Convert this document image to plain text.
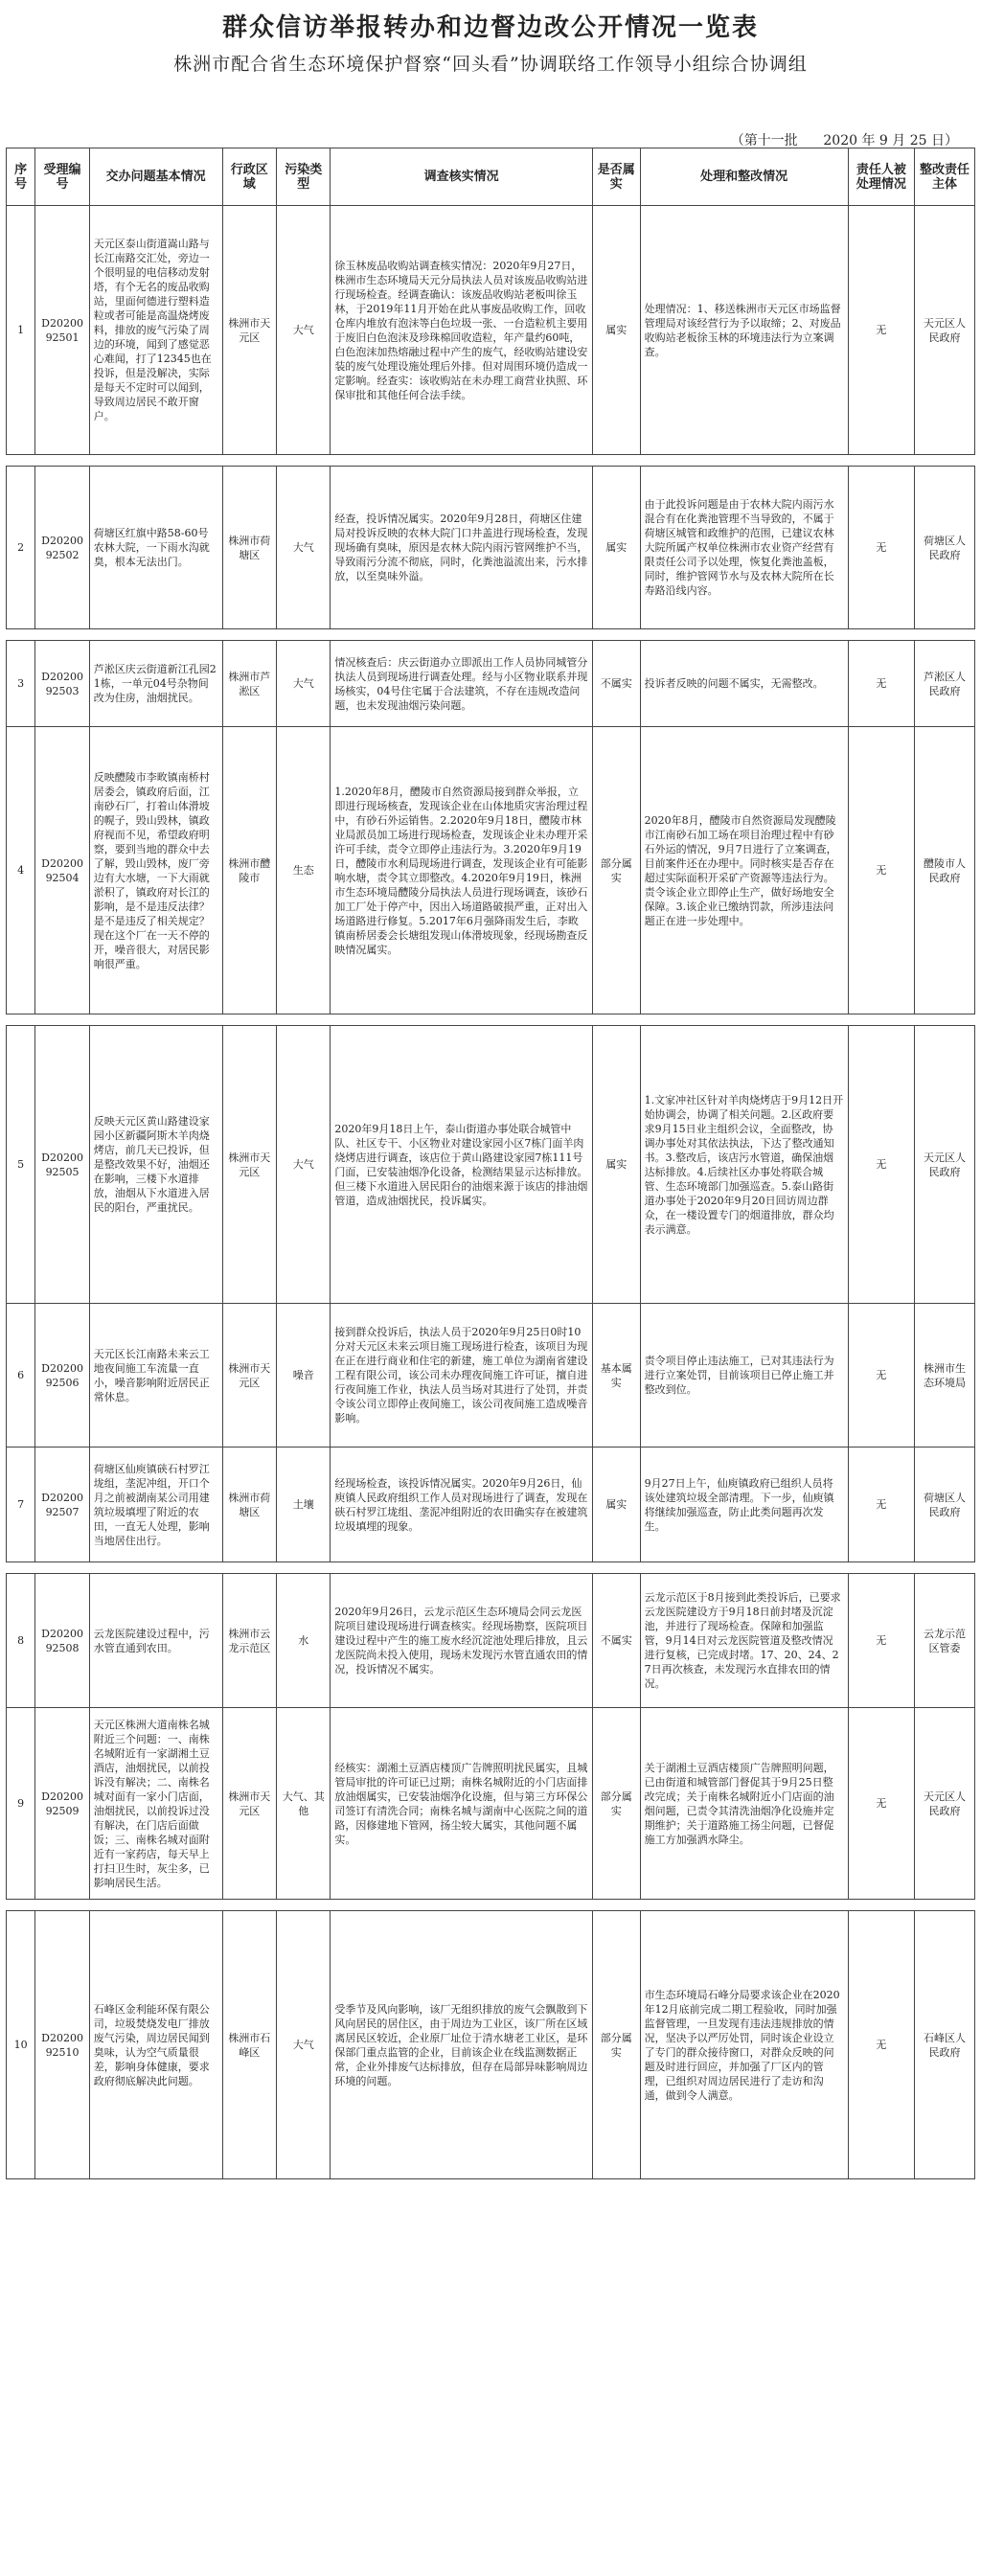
群众信访举报转办和边督边改公开情况一览表
株洲市配合省生态环境保护督察“回头看”协调联络工作领导小组综合协调组
（第十一批 2020 年 9 月 25 日）
序号	受理编号	交办问题基本情况	行政区域	污染类型	调查核实情况	是否属实	处理和整改情况	责任人被处理情况	整改责任主体
1	D2020092501	天元区泰山街道嵩山路与长江南路交汇处，旁边一个很明显的电信移动发射塔，有个无名的废品收购站，里面何德进行塑料造粒或者可能是高温烧烤废料，排放的废气污染了周边的环境，闻到了感觉恶心难闻，打了12345也在投诉，但是没解决，实际是每天不定时可以闻到，导致周边居民不敢开窗户。	株洲市天元区	大气	徐玉林废品收购站调查核实情况：2020年9月27日，株洲市生态环境局天元分局执法人员对该废品收购站进行现场检查。经调查确认：该废品收购站老板叫徐玉林，于2019年11月开始在此从事废品收购工作，回收仓库内堆放有泡沫等白色垃圾一张、一台造粒机主要用于废旧白色泡沫及珍珠棉回收造粒，年产量约60吨，白色泡沫加热熔融过程中产生的废气，经收购站建设安装的废气处理设施处理后外排。但对周围环境仍造成一定影响。经查实：该收购站在未办理工商营业执照、环保审批和其他任何合法手续。	属实	处理情况：1、移送株洲市天元区市场监督管理局对该经营行为予以取缔；2、对废品收购站老板徐玉林的环境违法行为立案调查。	无	天元区人民政府

2	D2020092502	荷塘区红旗中路58-60号农林大院，一下雨水沟就臭，根本无法出门。	株洲市荷塘区	大气	经查，投诉情况属实。2020年9月28日，荷塘区住建局对投诉反映的农林大院门口井盖进行现场检查，发现现场确有臭味，原因是农林大院内雨污管网维护不当，导致雨污分流不彻底，同时，化粪池溢流出来，污水排放，以至臭味外溢。	属实	由于此投诉问题是由于农林大院内雨污水混合有在化粪池管理不当导致的，不属于荷塘区城管和政维护的范围，已建议农林大院所属产权单位株洲市农业资产经营有限责任公司予以处理，恢复化粪池盖板，同时，维护管网节水与及农林大院所在长寿路沿线内容。	无	荷塘区人民政府

3	D2020092503	芦淞区庆云街道新江孔园21栋，一单元04号杂物间改为住房，油烟扰民。	株洲市芦淞区	大气	情况核查后：庆云街道办立即派出工作人员协同城管分执法人员到现场进行调查处理。经与小区物业联系并现场核实，04号住宅属于合法建筑，不存在违规改造问题，也未发现油烟污染问题。	不属实	投诉者反映的问题不属实，无需整改。	无	芦淞区人民政府
4	D2020092504	反映醴陵市李畋镇南桥村居委会，镇政府后面，江南砂石厂，打着山体滑坡的幌子，毁山毁林，镇政府视而不见，希望政府明察，要到当地的群众中去了解，毁山毁林，废厂旁边有大水塘，一下大雨就淤积了，镇政府对长江的影响，是不是违反法律？是不是违反了相关规定？现在这个厂在一天不停的开，噪音很大，对居民影响很严重。	株洲市醴陵市	生态	1.2020年8月，醴陵市自然资源局接到群众举报，立即进行现场核查，发现该企业在山体地质灾害治理过程中，有砂石外运销售。2.2020年9月18日，醴陵市林业局派员加工场进行现场检查，发现该企业未办理开采许可手续，责令立即停止违法行为。3.2020年9月19日，醴陵市水利局现场进行调查，发现该企业有可能影响水塘，责令其立即整改。4.2020年9月19日，株洲市生态环境局醴陵分局执法人员进行现场调查，该砂石加工厂处于停产中，因出入场道路破损严重，正对出入场道路进行修复。5.2017年6月强降雨发生后，李畋镇南桥居委会长塘组发现山体滑坡现象，经现场勘查反映情况属实。	部分属实	2020年8月，醴陵市自然资源局发现醴陵市江南砂石加工场在项目治理过程中有砂石外运的情况，9月7日进行了立案调查，目前案件还在办理中。同时核实是否存在超过实际面积开采矿产资源等违法行为。责令该企业立即停止生产，做好场地安全保障。3.该企业已缴纳罚款，所涉违法问题正在进一步处理中。	无	醴陵市人民政府

5	D2020092505	反映天元区黄山路建设家园小区新疆阿斯木羊肉烧烤店，前几天已投诉，但是整改效果不好，油烟还在影响，三楼下水道排放，油烟从下水道进入居民的阳台，严重扰民。	株洲市天元区	大气	2020年9月18日上午，泰山街道办事处联合城管中队、社区专干、小区物业对建设家园小区7栋门面羊肉烧烤店进行调查，该店位于黄山路建设家园7栋111号门面，已安装油烟净化设备，检测结果显示达标排放。但三楼下水道进入居民阳台的油烟来源于该店的排油烟管道，造成油烟扰民，投诉属实。	属实	1.文家冲社区针对羊肉烧烤店于9月12日开始协调会，协调了相关问题。2.区政府要求9月15日业主组织会议，全面整改，协调办事处对其依法执法，下达了整改通知书。3.整改后，该店污水管道，确保油烟达标排放。4.后续社区办事处将联合城管、生态环境部门加强巡查。5.泰山路街道办事处于2020年9月20日回访周边群众，在一楼设置专门的烟道排放，群众均表示满意。	无	天元区人民政府
6	D2020092506	天元区长江南路未来云工地夜间施工车流量一直小，噪音影响附近居民正常休息。	株洲市天元区	噪音	接到群众投诉后，执法人员于2020年9月25日0时10分对天元区未来云项目施工现场进行检查，该项目为现在正在进行商业和住宅的新建，施工单位为湖南省建设工程有限公司，该公司未办理夜间施工许可证，擅自进行夜间施工作业，执法人员当场对其进行了处罚，并责令该公司立即停止夜间施工，该公司夜间施工造成噪音影响。	基本属实	责令项目停止违法施工，已对其违法行为进行立案处罚，目前该项目已停止施工并整改到位。	无	株洲市生态环境局
7	D2020092507	荷塘区仙庾镇硖石村罗江垅组，垄泥冲组，开口个月之前被湖南某公司用建筑垃圾填埋了附近的农田，一直无人处理，影响当地居住出行。	株洲市荷塘区	土壤	经现场检查，该投诉情况属实。2020年9月26日，仙庾镇人民政府组织工作人员对现场进行了调查，发现在硖石村罗江垅组、垄泥冲组附近的农田确实存在被建筑垃圾填埋的现象。	属实	9月27日上午，仙庾镇政府已组织人员将该处建筑垃圾全部清理。下一步，仙庾镇将继续加强巡查，防止此类问题再次发生。	无	荷塘区人民政府

8	D2020092508	云龙医院建设过程中，污水管直通到农田。	株洲市云龙示范区	水	2020年9月26日，云龙示范区生态环境局会同云龙医院项目建设现场进行调查核实。经现场勘察，医院项目建设过程中产生的施工废水经沉淀池处理后排放，且云龙医院尚未投入使用，现场未发现污水管直通农田的情况，投诉情况不属实。	不属实	云龙示范区于8月接到此类投诉后，已要求云龙医院建设方于9月18日前封堵及沉淀池，并进行了现场检查。保障和加强监管，9月14日对云龙医院管道及整改情况进行复核，已完成封堵。17、20、24、27日再次核查，未发现污水直排农田的情况。	无	云龙示范区管委
9	D2020092509	天元区株洲大道南株名城附近三个问题：一、南株名城附近有一家湖湘土豆酒店，油烟扰民，以前投诉没有解决；二、南株名城对面有一家小门店面，油烟扰民，以前投诉过没有解决，在门店后面做饭；三、南株名城对面附近有一家药店，每天早上打扫卫生时，灰尘多，已影响居民生活。	株洲市天元区	大气、其他	经核实：湖湘土豆酒店楼顶广告牌照明扰民属实，且城管局审批的许可证已过期；南株名城附近的小门店面排放油烟属实，已安装油烟净化设施，但与第三方环保公司签订有清洗合同；南株名城与湖南中心医院之间的道路，因修建地下管网，扬尘较大属实，其他问题不属实。	部分属实	关于湖湘土豆酒店楼顶广告牌照明问题，已由街道和城管部门督促其于9月25日整改完成；关于南株名城附近小门店面的油烟问题，已责令其清洗油烟净化设施并定期维护；关于道路施工扬尘问题，已督促施工方加强洒水降尘。	无	天元区人民政府

10	D2020092510	石峰区金利能环保有限公司，垃圾焚烧发电厂排放废气污染，周边居民闻到臭味，认为空气质量很差，影响身体健康，要求政府彻底解决此问题。	株洲市石峰区	大气	受季节及风向影响，该厂无组织排放的废气会飘散到下风向居民的居住区，由于周边为工业区，该厂所在区域离居民区较近，企业原厂址位于清水塘老工业区，是环保部门重点监管的企业，目前该企业在线监测数据正常，企业外排废气达标排放，但存在局部异味影响周边环境的问题。	部分属实	市生态环境局石峰分局要求该企业在2020年12月底前完成二期工程验收，同时加强监督管理，一旦发现有违法违规排放的情况，坚决予以严厉处罚，同时该企业设立了专门的群众接待窗口，对群众反映的问题及时进行回应，并加强了厂区内的管理，已组织对周边居民进行了走访和沟通，做到令人满意。	无	石峰区人民政府
